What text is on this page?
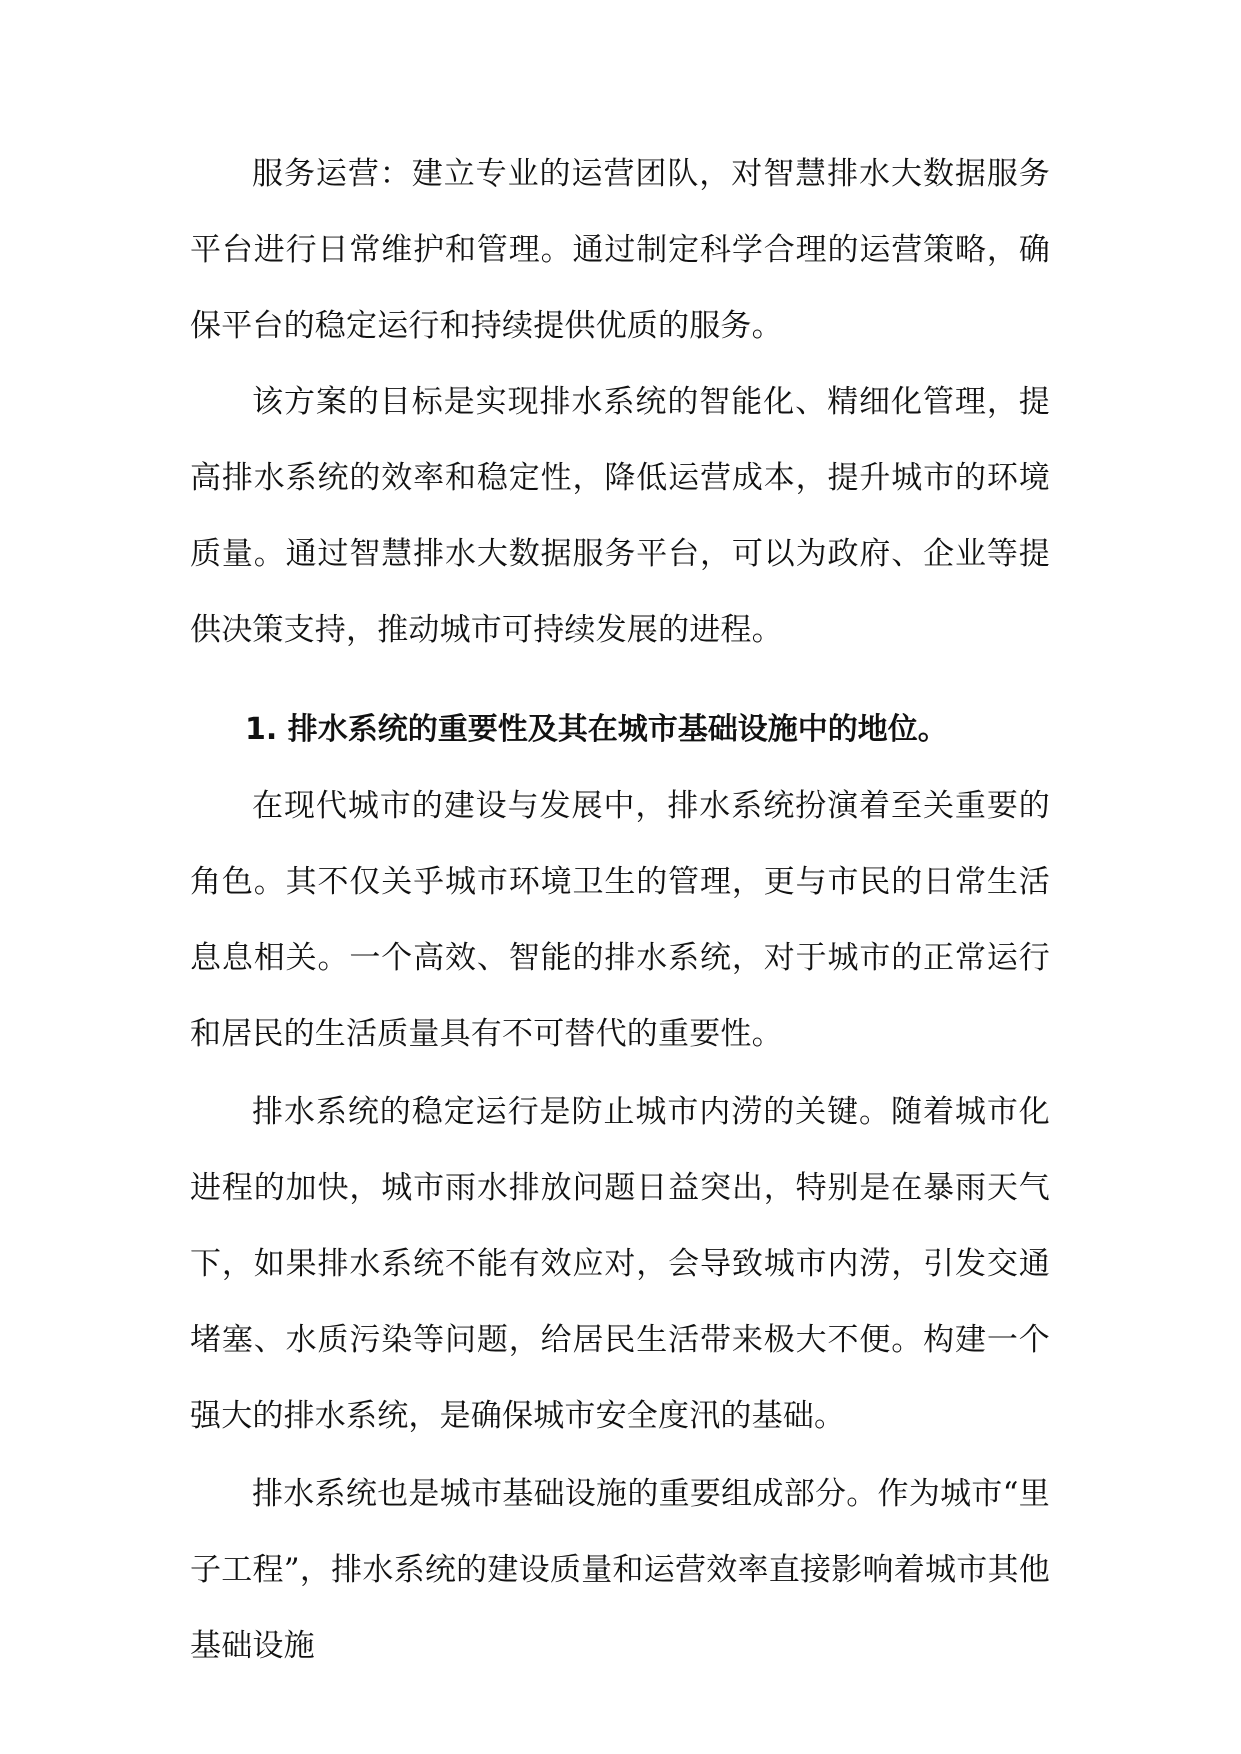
服务运营：建立专业的运营团队，对智慧排水大数据服务平台进行日常维护和管理。通过制定科学合理的运营策略，确保平台的稳定运行和持续提供优质的服务。

该方案的目标是实现排水系统的智能化、精细化管理，提高排水系统的效率和稳定性，降低运营成本，提升城市的环境质量。通过智慧排水大数据服务平台，可以为政府、企业等提供决策支持，推动城市可持续发展的进程。

1. 排水系统的重要性及其在城市基础设施中的地位。

在现代城市的建设与发展中，排水系统扮演着至关重要的角色。其不仅关乎城市环境卫生的管理，更与市民的日常生活息息相关。一个高效、智能的排水系统，对于城市的正常运行和居民的生活质量具有不可替代的重要性。

排水系统的稳定运行是防止城市内涝的关键。随着城市化进程的加快，城市雨水排放问题日益突出，特别是在暴雨天气下，如果排水系统不能有效应对，会导致城市内涝，引发交通堵塞、水质污染等问题，给居民生活带来极大不便。构建一个强大的排水系统，是确保城市安全度汛的基础。

排水系统也是城市基础设施的重要组成部分。作为城市“里子工程”，排水系统的建设质量和运营效率直接影响着城市其他基础设施
